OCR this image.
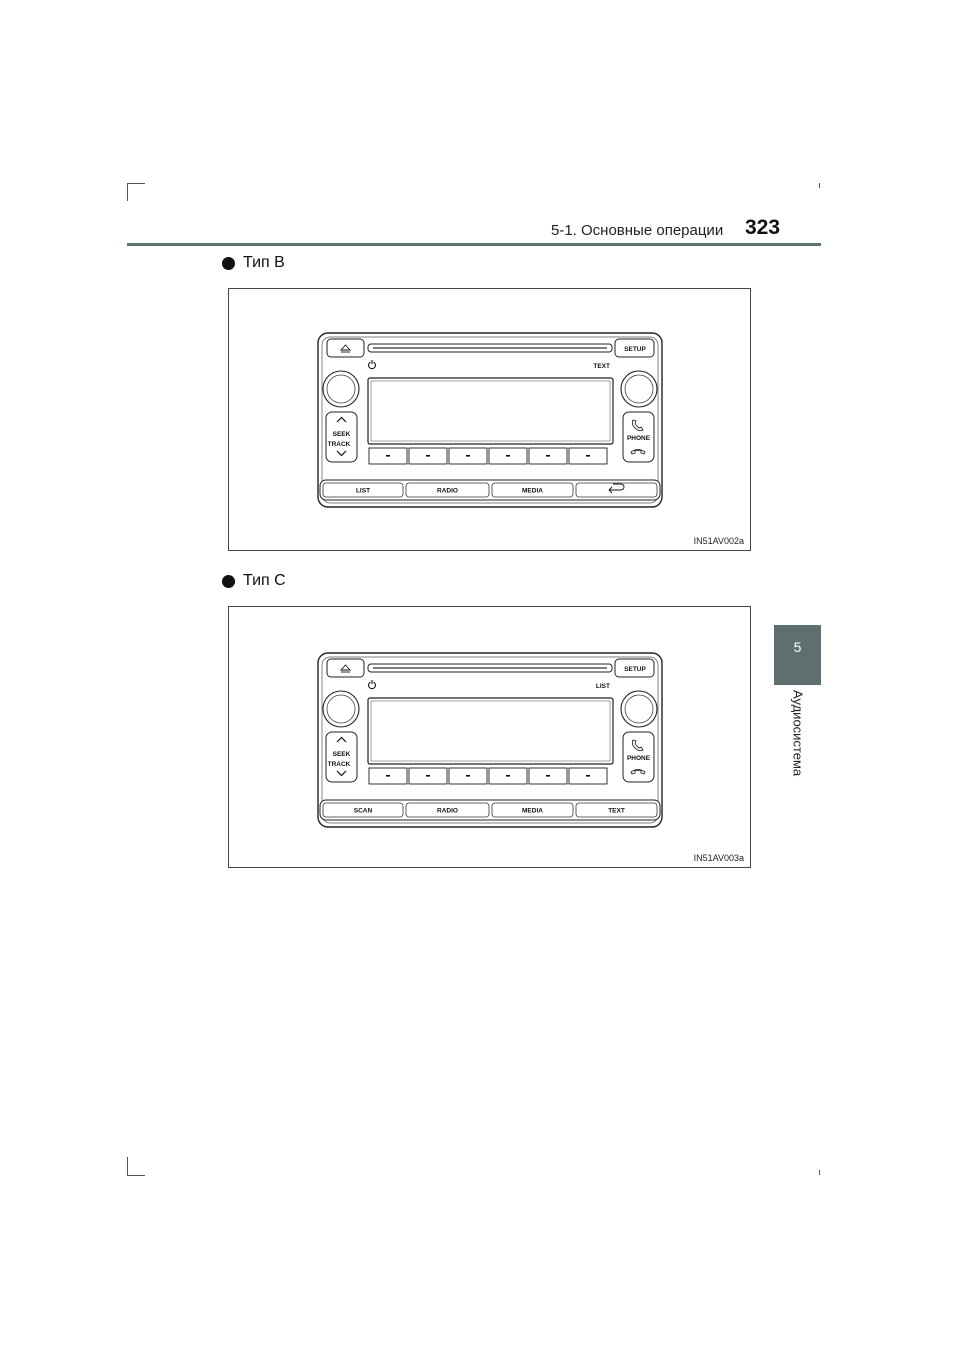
5-1. Основные операции 323
5
Аудиосистема
Тип B
SETUP
TEXT
SEEK
TRACK
PHONE
LIST	RADIO	MEDIA
IN51AV002a
Тип C
SETUP
LIST
SEEK
TRACK
PHONE
SCAN	RADIO	MEDIA	TEXT
IN51AV003a
